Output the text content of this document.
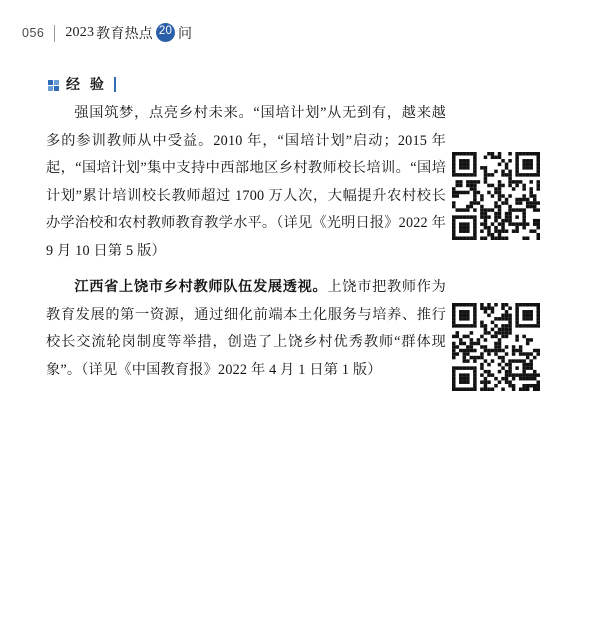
056 2023 教育热点 20 问
经 验

强国筑梦，点亮乡村未来。“国培计划”从无到有，越来越多的参训教师从中受益。2010 年，“国培计划”启动；2015 年起，“国培计划”集中支持中西部地区乡村教师校长培训。“国培计划”累计培训校长教师超过 1700 万人次，大幅提升农村校长办学治校和农村教师教育教学水平。（详见《光明日报》2022 年 9 月 10 日第 5 版）

江西省上饶市乡村教师队伍发展透视。上饶市把教师作为教育发展的第一资源，通过细化前端本土化服务与培养、推行校长交流轮岗制度等举措，创造了上饶乡村优秀教师“群体现象”。（详见《中国教育报》2022 年 4 月 1 日第 1 版）
